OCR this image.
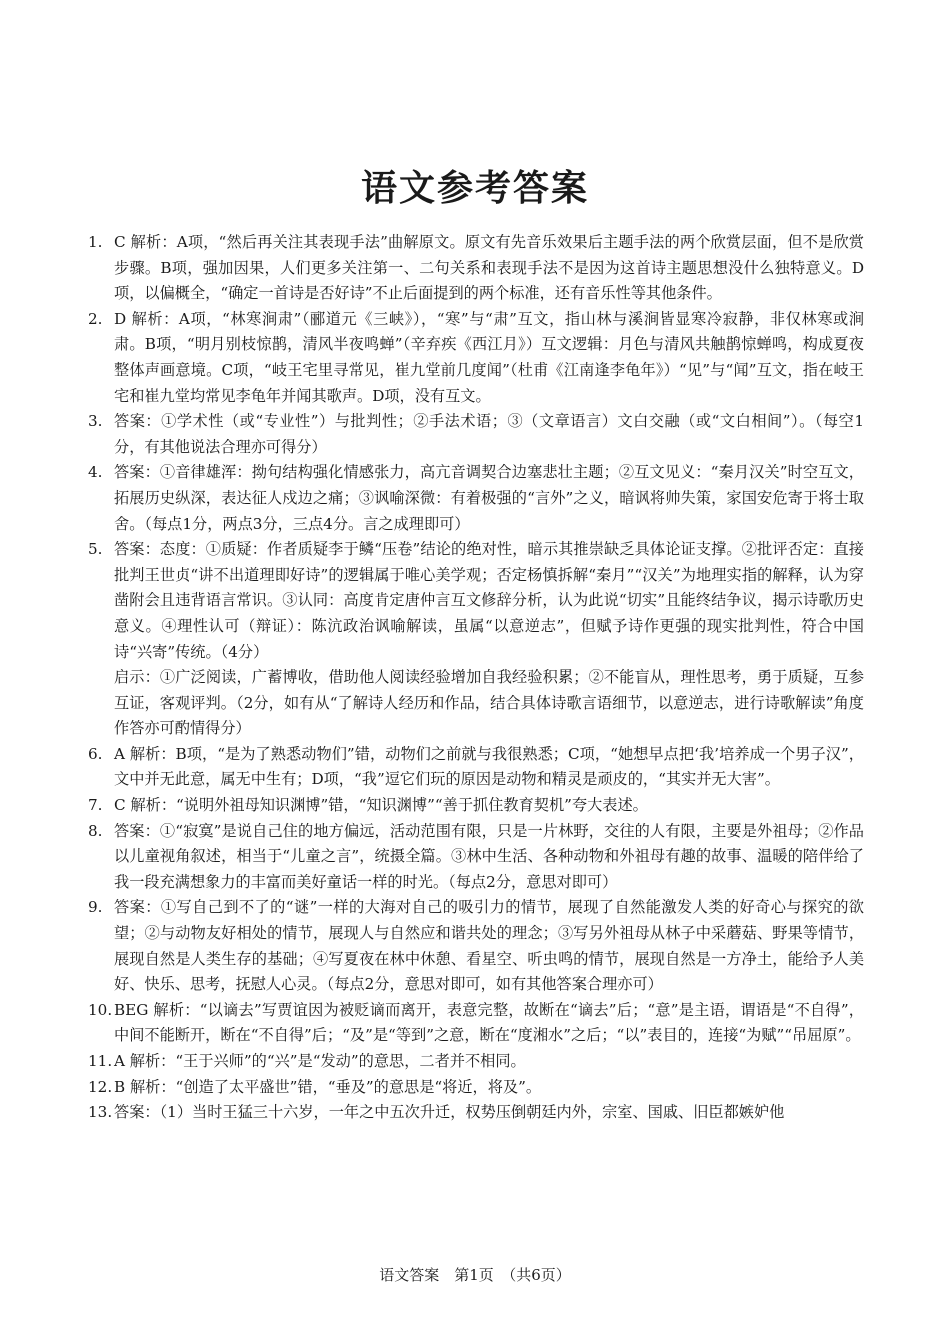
语文参考答案
1. C 解析：A项，“然后再关注其表现手法”曲解原文。原文有先音乐效果后主题手法的两个欣赏层面，但不是欣赏步骤。B项，强加因果，人们更多关注第一、二句关系和表现手法不是因为这首诗主题思想没什么独特意义。D项，以偏概全，“确定一首诗是否好诗”不止后面提到的两个标准，还有音乐性等其他条件。
2. D 解析：A项，“林寒涧肃”（郦道元《三峡》），“寒”与“肃”互文，指山林与溪涧皆显寒冷寂静，非仅林寒或涧肃。B项，“明月别枝惊鹊，清风半夜鸣蝉”（辛弃疾《西江月》）互文逻辑：月色与清风共触鹊惊蝉鸣，构成夏夜整体声画意境。C项，“岐王宅里寻常见，崔九堂前几度闻”（杜甫《江南逢李龟年》）“见”与“闻”互文，指在岐王宅和崔九堂均常见李龟年并闻其歌声。D项，没有互文。
3. 答案：①学术性（或“专业性”）与批判性；②手法术语；③（文章语言）文白交融（或“文白相间”）。（每空1分，有其他说法合理亦可得分）
4. 答案：①音律雄浑：拗句结构强化情感张力，高亢音调契合边塞悲壮主题；②互文见义：“秦月汉关”时空互文，拓展历史纵深，表达征人戍边之痛；③讽喻深微：有着极强的“言外”之义，暗讽将帅失策，家国安危寄于将士取舍。（每点1分，两点3分，三点4分。言之成理即可）
5. 答案：态度：①质疑：作者质疑李于鳞“压卷”结论的绝对性，暗示其推崇缺乏具体论证支撑。②批评否定：直接批判王世贞“讲不出道理即好诗”的逻辑属于唯心美学观；否定杨慎拆解“秦月”“汉关”为地理实指的解释，认为穿凿附会且违背语言常识。③认同：高度肯定唐仲言互文修辞分析，认为此说“切实”且能终结争议，揭示诗歌历史意义。④理性认可（辩证）：陈沆政治讽喻解读，虽属“以意逆志”，但赋予诗作更强的现实批判性，符合中国诗“兴寄”传统。（4分）
启示：①广泛阅读，广蓄博收，借助他人阅读经验增加自我经验积累；②不能盲从，理性思考，勇于质疑，互参互证，客观评判。（2分，如有从“了解诗人经历和作品，结合具体诗歌言语细节，以意逆志，进行诗歌解读”角度作答亦可酌情得分）
6. A 解析：B项，“是为了熟悉动物们”错，动物们之前就与我很熟悉；C项，“她想早点把‘我’培养成一个男子汉”，文中并无此意，属无中生有；D项，“我”逗它们玩的原因是动物和精灵是顽皮的，“其实并无大害”。
7. C 解析：“说明外祖母知识渊博”错，“知识渊博”“善于抓住教育契机”夸大表述。
8. 答案：①“寂寞”是说自己住的地方偏远，活动范围有限，只是一片林野，交往的人有限，主要是外祖母；②作品以儿童视角叙述，相当于“儿童之言”，统摄全篇。③林中生活、各种动物和外祖母有趣的故事、温暖的陪伴给了我一段充满想象力的丰富而美好童话一样的时光。（每点2分，意思对即可）
9. 答案：①写自己到不了的“谜”一样的大海对自己的吸引力的情节，展现了自然能激发人类的好奇心与探究的欲望；②与动物友好相处的情节，展现人与自然应和谐共处的理念；③写另外祖母从林子中采蘑菇、野果等情节，展现自然是人类生存的基础；④写夏夜在林中休憩、看星空、听虫鸣的情节，展现自然是一方净土，能给予人美好、快乐、思考，抚慰人心灵。（每点2分，意思对即可，如有其他答案合理亦可）
10. BEG 解析：“以谪去”写贾谊因为被贬谪而离开，表意完整，故断在“谪去”后；“意”是主语，谓语是“不自得”，中间不能断开，断在“不自得”后；“及”是“等到”之意，断在“度湘水”之后；“以”表目的，连接“为赋”“吊屈原”。
11. A 解析：“王于兴师”的“兴”是“发动”的意思，二者并不相同。
12. B 解析：“创造了太平盛世”错，“垂及”的意思是“将近，将及”。
13. 答案：（1）当时王猛三十六岁，一年之中五次升迁，权势压倒朝廷内外，宗室、国戚、旧臣都嫉妒他
语文答案　第1页　（共6页）
